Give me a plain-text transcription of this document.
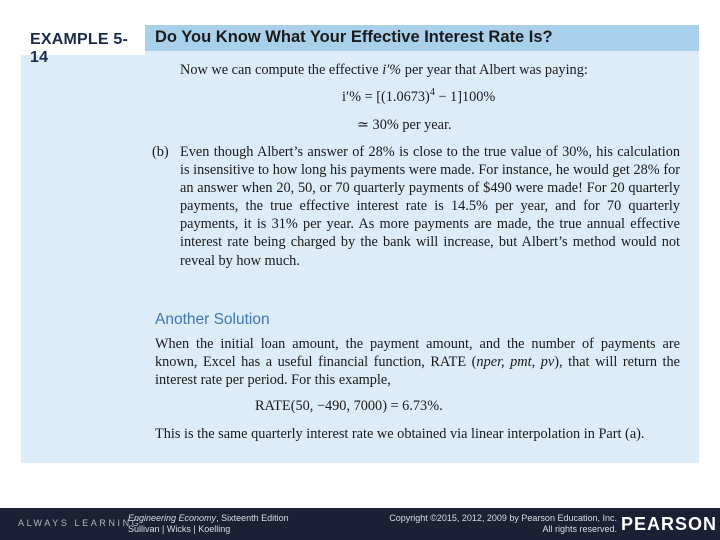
EXAMPLE 5-14
Do You Know What Your Effective Interest Rate Is?
Now we can compute the effective i′% per year that Albert was paying:
$i'\% = [(1.0673)^4 - 1]100\%$
≃ 30% per year.
(b) Even though Albert’s answer of 28% is close to the true value of 30%, his calculation is insensitive to how long his payments were made. For instance, he would get 28% for an answer when 20, 50, or 70 quarterly payments of $490 were made! For 20 quarterly payments, the true effective interest rate is 14.5% per year, and for 70 quarterly payments, it is 31% per year. As more payments are made, the true annual effective interest rate being charged by the bank will increase, but Albert’s method would not reveal by how much.
Another Solution
When the initial loan amount, the payment amount, and the number of payments are known, Excel has a useful financial function, RATE (nper, pmt, pv), that will return the interest rate per period. For this example,
RATE(50, −490, 7000) = 6.73%.
This is the same quarterly interest rate we obtained via linear interpolation in Part (a).
ALWAYS LEARNING
Engineering Economy, Sixteenth Edition
Sullivan | Wicks | Koelling
Copyright ©2015, 2012, 2009 by Pearson Education, Inc.
All rights reserved. PEARSON
